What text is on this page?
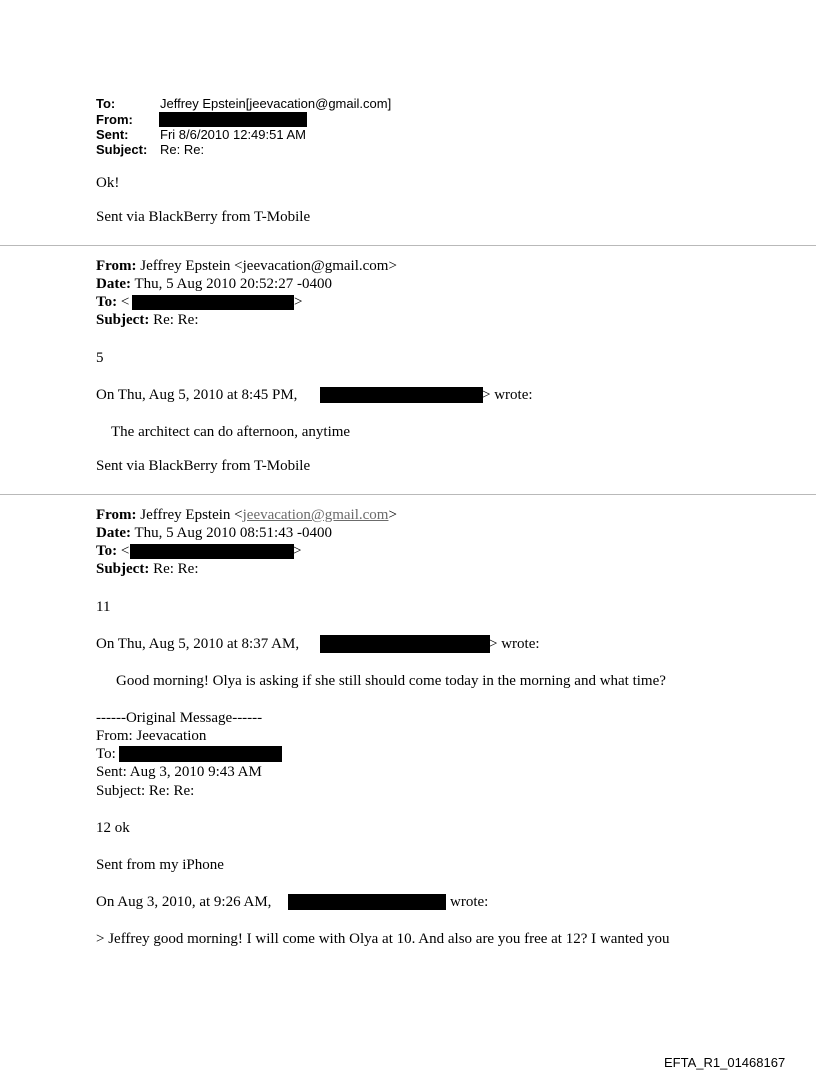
To:	Jeffrey Epstein[jeevacation@gmail.com]
From:
Sent: Fri 8/6/2010 12:49:51 AM
Subject: Re: Re:
Ok!
Sent via BlackBerry from T-Mobile
From: Jeffrey Epstein <jeevacation@gmail.com>
Date: Thu, 5 Aug 2010 20:52:27 -0400
To: <	>
Subject: Re: Re:
5
On Thu, Aug 5, 2010 at 8:45 PM,	> wrote:
The architect can do afternoon, anytime
Sent via BlackBerry from T-Mobile
From: Jeffrey Epstein <jeevacation@gmail.com>
Date: Thu, 5 Aug 2010 08:51:43 -0400
To: <	>
Subject: Re: Re:
11
On Thu, Aug 5, 2010 at 8:37 AM,	> wrote:
Good morning! Olya is asking if she still should come today in the morning and what time?
------Original Message------
From: Jeevacation
To:
Sent: Aug 3, 2010 9:43 AM
Subject: Re: Re:
12 ok
Sent from my iPhone
On Aug 3, 2010, at 9:26 AM,	wrote:
> Jeffrey good morning! I will come with Olya at 10. And also are you free at 12? I wanted you
EFTA_R1_01468167
